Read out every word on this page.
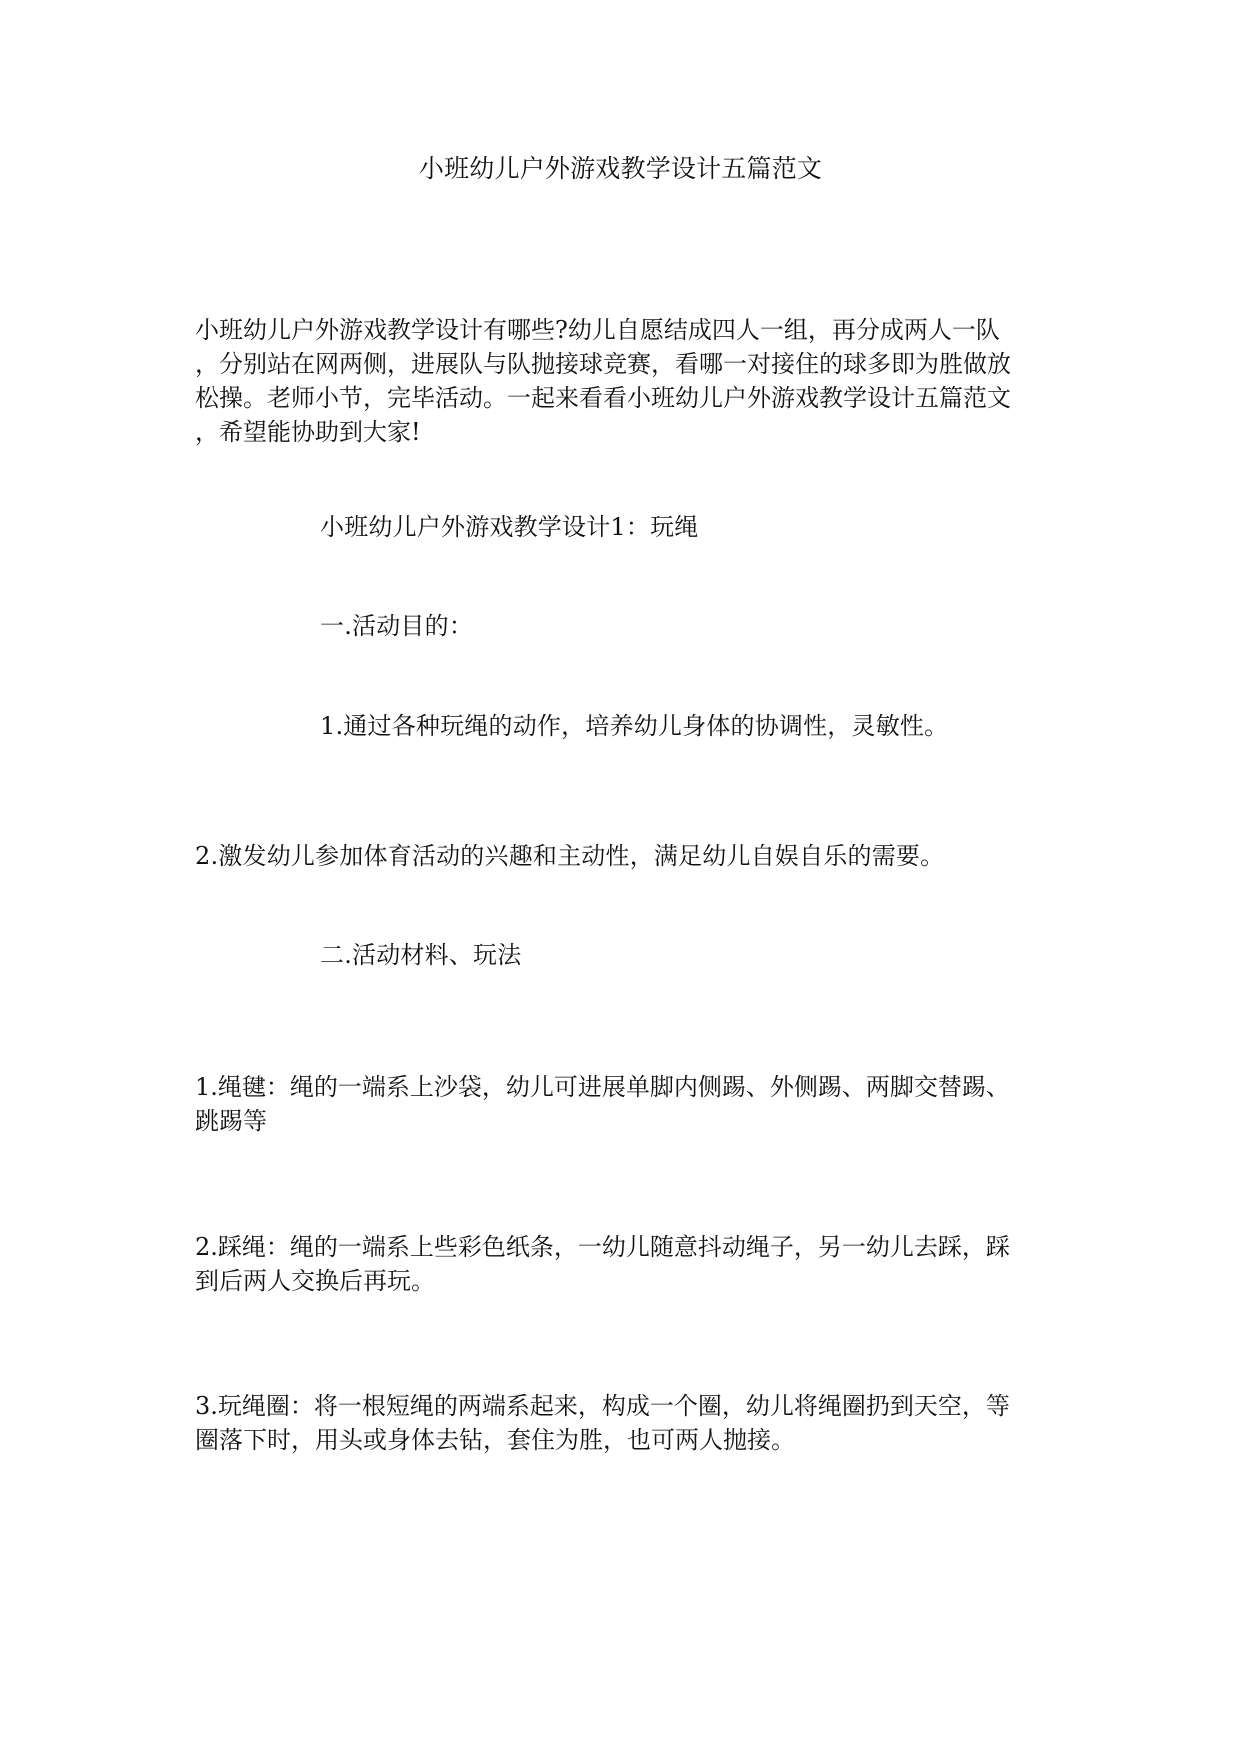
小班幼儿户外游戏教学设计五篇范文
小班幼儿户外游戏教学设计有哪些?幼儿自愿结成四人一组，再分成两人一队
，分别站在网两侧，进展队与队抛接球竞赛，看哪一对接住的球多即为胜做放
松操。老师小节，完毕活动。一起来看看小班幼儿户外游戏教学设计五篇范文
，希望能协助到大家!
小班幼儿户外游戏教学设计1：玩绳
一.活动目的：
1.通过各种玩绳的动作，培养幼儿身体的协调性，灵敏性。
2.激发幼儿参加体育活动的兴趣和主动性，满足幼儿自娱自乐的需要。
二.活动材料、玩法
1.绳毽：绳的一端系上沙袋，幼儿可进展单脚内侧踢、外侧踢、两脚交替踢、
跳踢等
2.踩绳：绳的一端系上些彩色纸条，一幼儿随意抖动绳子，另一幼儿去踩，踩
到后两人交换后再玩。
3.玩绳圈：将一根短绳的两端系起来，构成一个圈，幼儿将绳圈扔到天空，等
圈落下时，用头或身体去钻，套住为胜，也可两人抛接。
